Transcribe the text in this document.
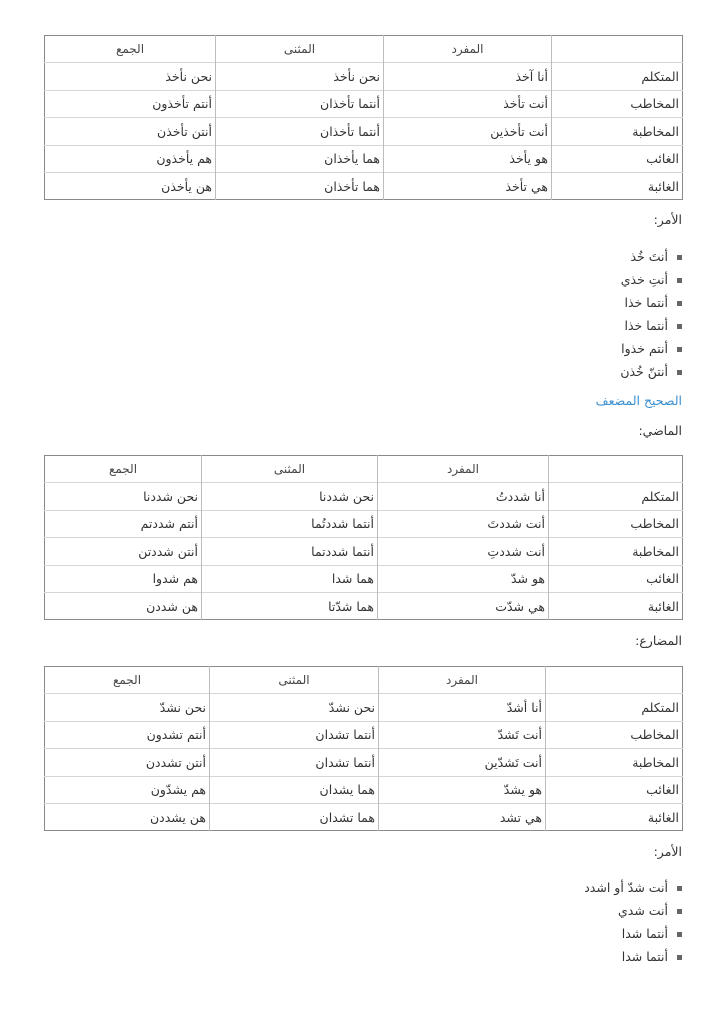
	المفرد	المثنى	الجمع
المتكلم	أنا آخذ	نحن نأخذ	نحن نأخذ
المخاطب	أنت تأخذ	أنتما تأخذان	أنتم تأخذون
المخاطبة	أنت تأخذين	أنتما تأخذان	أنتن تأخذن
الغائب	هو يأخذ	هما يأخذان	هم يأخذون
الغائبة	هي تأخذ	هما تأخذان	هن يأخذن
الأمر:
أنتَ خُذ
أنتِ خذي
أنتما خذا
أنتما خذا
أنتم خذوا
أنتنّ خُذن
الصحيح المضعف
الماضي:
	المفرد	المثنى	الجمع
المتكلم	أنا شددتُ	نحن شددنا	نحن شددنا
المخاطب	أنت شددتَ	أنتما شددتُما	أنتم شددتم
المخاطبة	أنت شددتِ	أنتما شددتما	أنتن شددتن
الغائب	هو شدّ	هما شدا	هم شدوا
الغائبة	هي شدّت	هما شدّتا	هن شددن
المضارع:
	المفرد	المثنى	الجمع
المتكلم	أنا أشدّ	نحن نشدّ	نحن نشدّ
المخاطب	أنت تَشدّ	أنتما تشدان	أنتم تشدون
المخاطبة	أنت تَشدّين	أنتما تشدان	أنتن تشددن
الغائب	هو يشدّ	هما يشدان	هم يشدّون
الغائبة	هي تشد	هما تشدان	هن يشددن
الأمر:
أنت شدّ أو اشدد
أنت شدي
أنتما شدا
أنتما شدا
